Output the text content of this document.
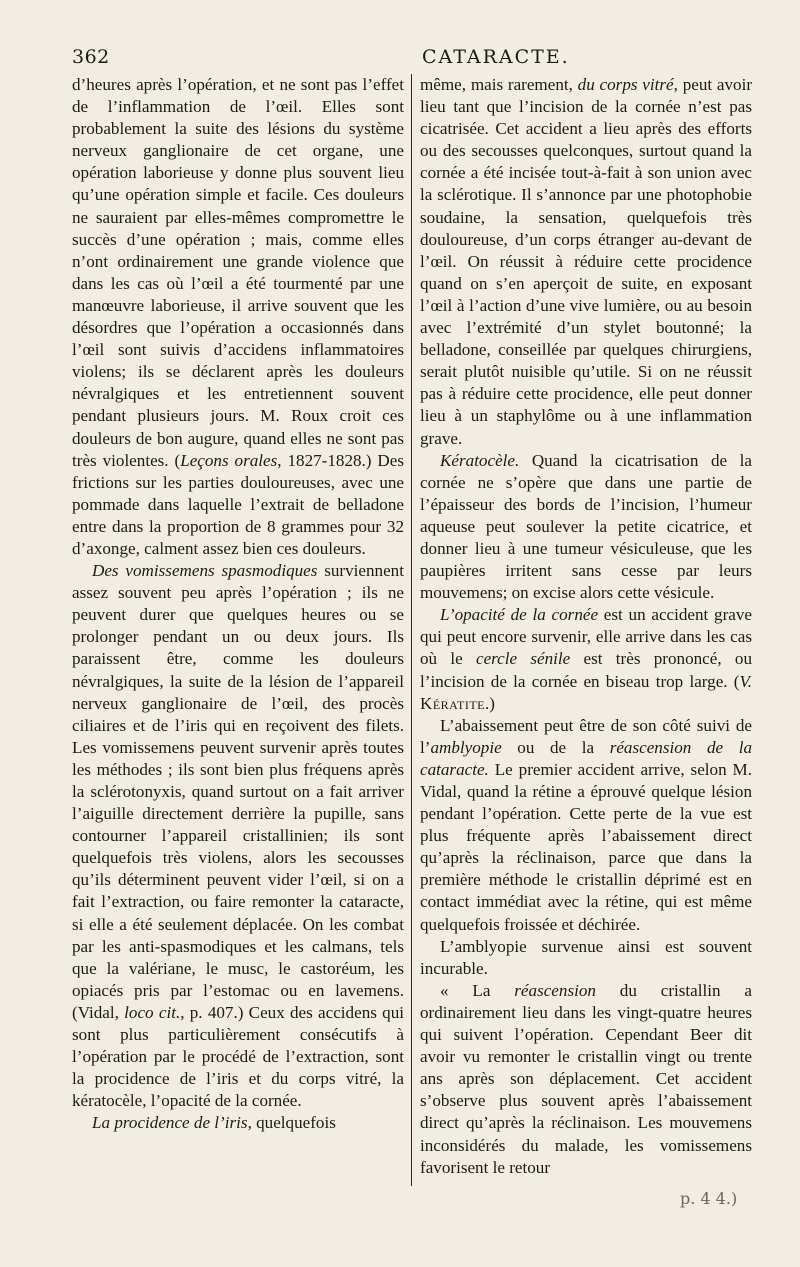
362	CATARACTE.

d’heures après l’opération, et ne sont pas l’effet de l’inflammation de l’œil. Elles sont probablement la suite des lésions du système nerveux ganglionaire de cet organe, une opération laborieuse y donne plus souvent lieu qu’une opération simple et facile. Ces douleurs ne sauraient par elles-mêmes compromettre le succès d’une opération ; mais, comme elles n’ont ordinairement une grande violence que dans les cas où l’œil a été tourmenté par une manœuvre laborieuse, il arrive souvent que les désordres que l’opération a occasionnés dans l’œil sont suivis d’accidens inflammatoires violens; ils se déclarent après les douleurs névralgiques et les entretiennent souvent pendant plusieurs jours. M. Roux croit ces douleurs de bon augure, quand elles ne sont pas très violentes. (Leçons orales, 1827-1828.) Des frictions sur les parties douloureuses, avec une pommade dans laquelle l’extrait de belladone entre dans la proportion de 8 grammes pour 32 d’axonge, calment assez bien ces douleurs.

Des vomissemens spasmodiques surviennent assez souvent peu après l’opération ; ils ne peuvent durer que quelques heures ou se prolonger pendant un ou deux jours. Ils paraissent être, comme les douleurs névralgiques, la suite de la lésion de l’appareil nerveux ganglionaire de l’œil, des procès ciliaires et de l’iris qui en reçoivent des filets. Les vomissemens peuvent survenir après toutes les méthodes ; ils sont bien plus fréquens après la sclérotonyxis, quand surtout on a fait arriver l’aiguille directement derrière la pupille, sans contourner l’appareil cristallinien; ils sont quelquefois très violens, alors les secousses qu’ils déterminent peuvent vider l’œil, si on a fait l’extraction, ou faire remonter la cataracte, si elle a été seulement déplacée. On les combat par les anti-spasmodiques et les calmans, tels que la valériane, le musc, le castoréum, les opiacés pris par l’estomac ou en lavemens. (Vidal, loco cit., p. 407.) Ceux des accidens qui sont plus particulièrement consécutifs à l’opération par le procédé de l’extraction, sont la procidence de l’iris et du corps vitré, la kératocèle, l’opacité de la cornée.

La procidence de l’iris, quelquefois

même, mais rarement, du corps vitré, peut avoir lieu tant que l’incision de la cornée n’est pas cicatrisée. Cet accident a lieu après des efforts ou des secousses quelconques, surtout quand la cornée a été incisée tout-à-fait à son union avec la sclérotique. Il s’annonce par une photophobie soudaine, la sensation, quelquefois très douloureuse, d’un corps étranger au-devant de l’œil. On réussit à réduire cette procidence quand on s’en aperçoit de suite, en exposant l’œil à l’action d’une vive lumière, ou au besoin avec l’extrémité d’un stylet boutonné; la belladone, conseillée par quelques chirurgiens, serait plutôt nuisible qu’utile. Si on ne réussit pas à réduire cette procidence, elle peut donner lieu à un staphylôme ou à une inflammation grave.

Kératocèle. Quand la cicatrisation de la cornée ne s’opère que dans une partie de l’épaisseur des bords de l’incision, l’humeur aqueuse peut soulever la petite cicatrice, et donner lieu à une tumeur vésiculeuse, que les paupières irritent sans cesse par leurs mouvemens; on excise alors cette vésicule.

L’opacité de la cornée est un accident grave qui peut encore survenir, elle arrive dans les cas où le cercle sénile est très prononcé, ou l’incision de la cornée en biseau trop large. (V. Kératite.)

L’abaissement peut être de son côté suivi de l’amblyopie ou de la réascension de la cataracte. Le premier accident arrive, selon M. Vidal, quand la rétine a éprouvé quelque lésion pendant l’opération. Cette perte de la vue est plus fréquente après l’abaissement direct qu’après la réclinaison, parce que dans la première méthode le cristallin déprimé est en contact immédiat avec la rétine, qui est même quelquefois froissée et déchirée.

L’amblyopie survenue ainsi est souvent incurable.

« La réascension du cristallin a ordinairement lieu dans les vingt-quatre heures qui suivent l’opération. Cependant Beer dit avoir vu remonter le cristallin vingt ou trente ans après son déplacement. Cet accident s’observe plus souvent après l’abaissement direct qu’après la réclinaison. Les mouvemens inconsidérés du malade, les vomissemens favorisent le retour

p. 4 4.)
